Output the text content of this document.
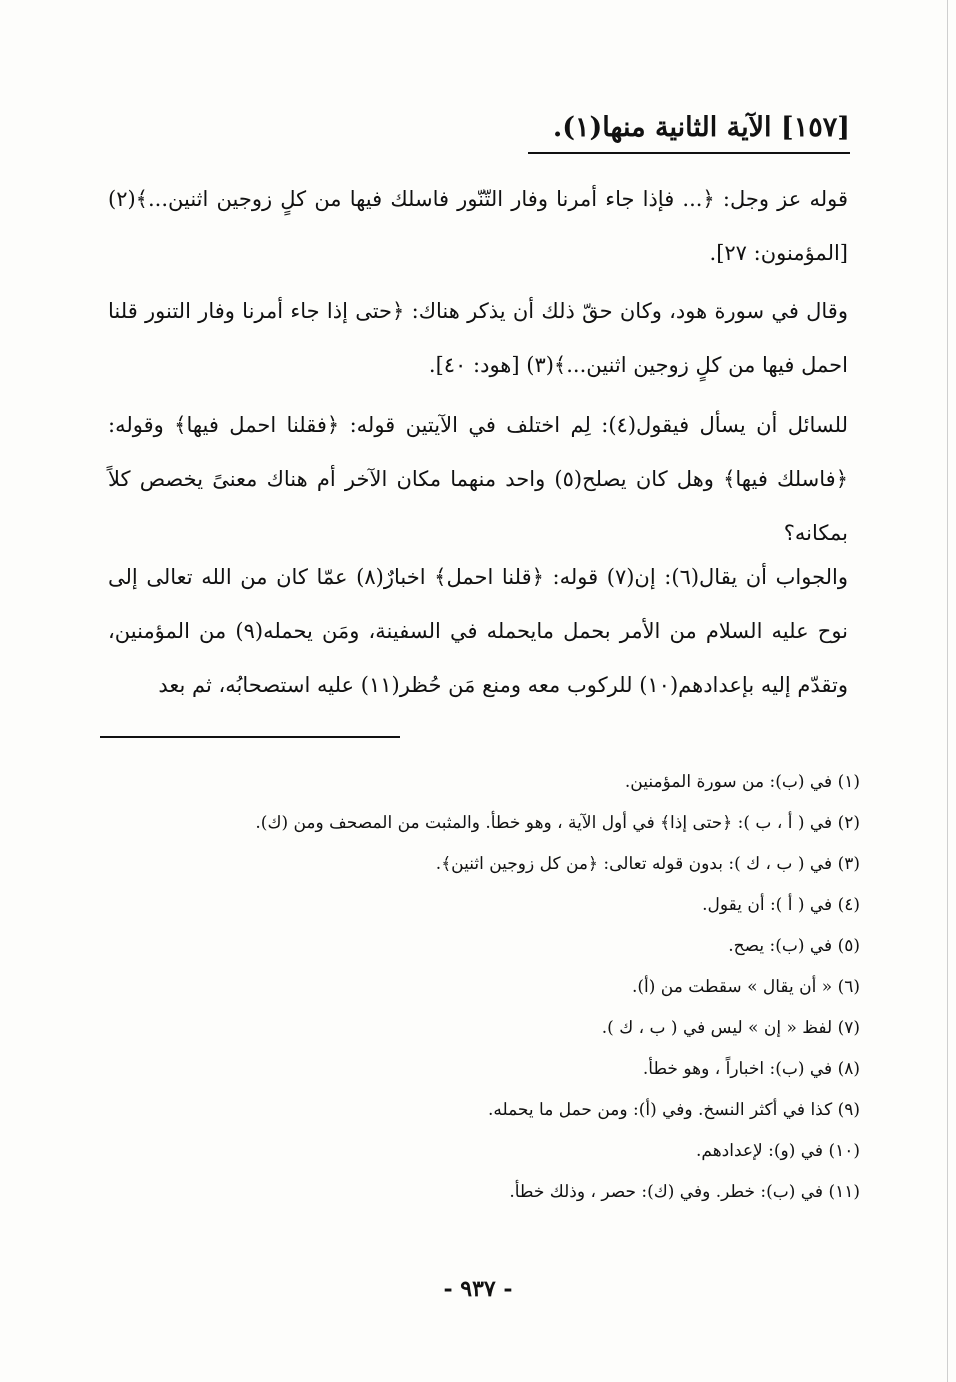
[١٥٧] الآية الثانية منها(١).
قوله عز وجل: ﴿... فإذا جاء أمرنا وفار التّنّور فاسلك فيها من كلٍ زوجين اثنين...﴾(٢) [المؤمنون: ٢٧].
وقال في سورة هود، وكان حقّ ذلك أن يذكر هناك: ﴿حتى إذا جاء أمرنا وفار التنور قلنا احمل فيها من كلٍ زوجين اثنين...﴾(٣) [هود: ٤٠].
للسائل أن يسأل فيقول(٤): لِم اختلف في الآيتين قوله: ﴿فقلنا احمل فيها﴾ وقوله: ﴿فاسلك فيها﴾ وهل كان يصلح(٥) واحد منهما مكان الآخر أم هناك معنىً يخصص كلاً بمكانه؟
والجواب أن يقال(٦): إن(٧) قوله: ﴿قلنا احمل﴾ اخبارٌ(٨) عمّا كان من الله تعالى إلى نوح عليه السلام من الأمر بحمل مايحمله في السفينة، ومَن يحمله(٩) من المؤمنين، وتقدّم إليه بإعدادهم(١٠) للركوب معه ومنع مَن حُظر(١١) عليه استصحابُه، ثم بعد
(١) في (ب): من سورة المؤمنين.
(٢) في ( أ ، ب ): ﴿حتى إذا﴾ في أول الآية ، وهو خطأ. والمثبت من المصحف ومن (ك).
(٣) في ( ب ، ك ): بدون قوله تعالى: ﴿من كل زوجين اثنين﴾.
(٤) في ( أ ): أن يقول.
(٥) في (ب): يصح.
(٦) « أن يقال » سقطت من (أ).
(٧) لفظ « إن » ليس في ( ب ، ك ).
(٨) في (ب): اخباراً ، وهو خطأ.
(٩) كذا في أكثر النسخ. وفي (أ): ومن حمل ما يحمله.
(١٠) في (و): لإعدادهم.
(١١) في (ب): خطر. وفي (ك): حصر ، وذلك خطأ.
- ٩٣٧ -
